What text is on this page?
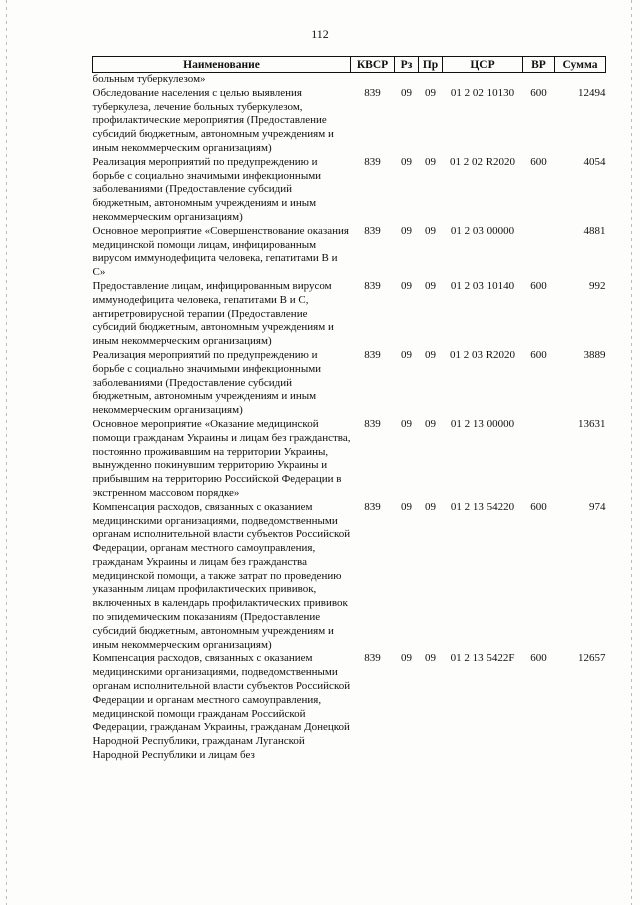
112
Наименование	КВСР	Рз	Пр	ЦСР	ВР	Сумма
больным туберкулезом»						
Обследование населения с целью выявления туберкулеза, лечение больных туберкулезом, профилактические мероприятия (Предоставление субсидий бюджетным, автономным учреждениям и иным некоммерческим организациям)	839	09	09	01 2 02 10130	600	12494
Реализация мероприятий по предупреждению и борьбе с социально значимыми инфекционными заболеваниями (Предоставление субсидий бюджетным, автономным учреждениям и иным некоммерческим организациям)	839	09	09	01 2 02 R2020	600	4054
Основное мероприятие «Совершенствование оказания медицинской помощи лицам, инфицированным вирусом иммунодефицита человека, гепатитами В и С»	839	09	09	01 2 03 00000		4881
Предоставление лицам, инфицированным вирусом иммунодефицита человека, гепатитами В и С, антиретровирусной терапии (Предоставление субсидий бюджетным, автономным учреждениям и иным некоммерческим организациям)	839	09	09	01 2 03 10140	600	992
Реализация мероприятий по предупреждению и борьбе с социально значимыми инфекционными заболеваниями (Предоставление субсидий бюджетным, автономным учреждениям и иным некоммерческим организациям)	839	09	09	01 2 03 R2020	600	3889
Основное мероприятие «Оказание медицинской помощи гражданам Украины и лицам без гражданства, постоянно проживавшим на территории Украины, вынужденно покинувшим территорию Украины и прибывшим на территорию Российской Федерации в экстренном массовом порядке»	839	09	09	01 2 13 00000		13631
Компенсация расходов, связанных с оказанием медицинскими организациями, подведомственными органам исполнительной власти субъектов Российской Федерации, органам местного самоуправления, гражданам Украины и лицам без гражданства медицинской помощи, а также затрат по проведению указанным лицам профилактических прививок, включенных в календарь профилактических прививок по эпидемическим показаниям (Предоставление субсидий бюджетным, автономным учреждениям и иным некоммерческим организациям)	839	09	09	01 2 13 54220	600	974
Компенсация расходов, связанных с оказанием медицинскими организациями, подведомственными органам исполнительной власти субъектов Российской Федерации и органам местного самоуправления, медицинской помощи гражданам Российской Федерации, гражданам Украины, гражданам Донецкой Народной Республики, гражданам Луганской Народной Республики и лицам без	839	09	09	01 2 13 5422F	600	12657
